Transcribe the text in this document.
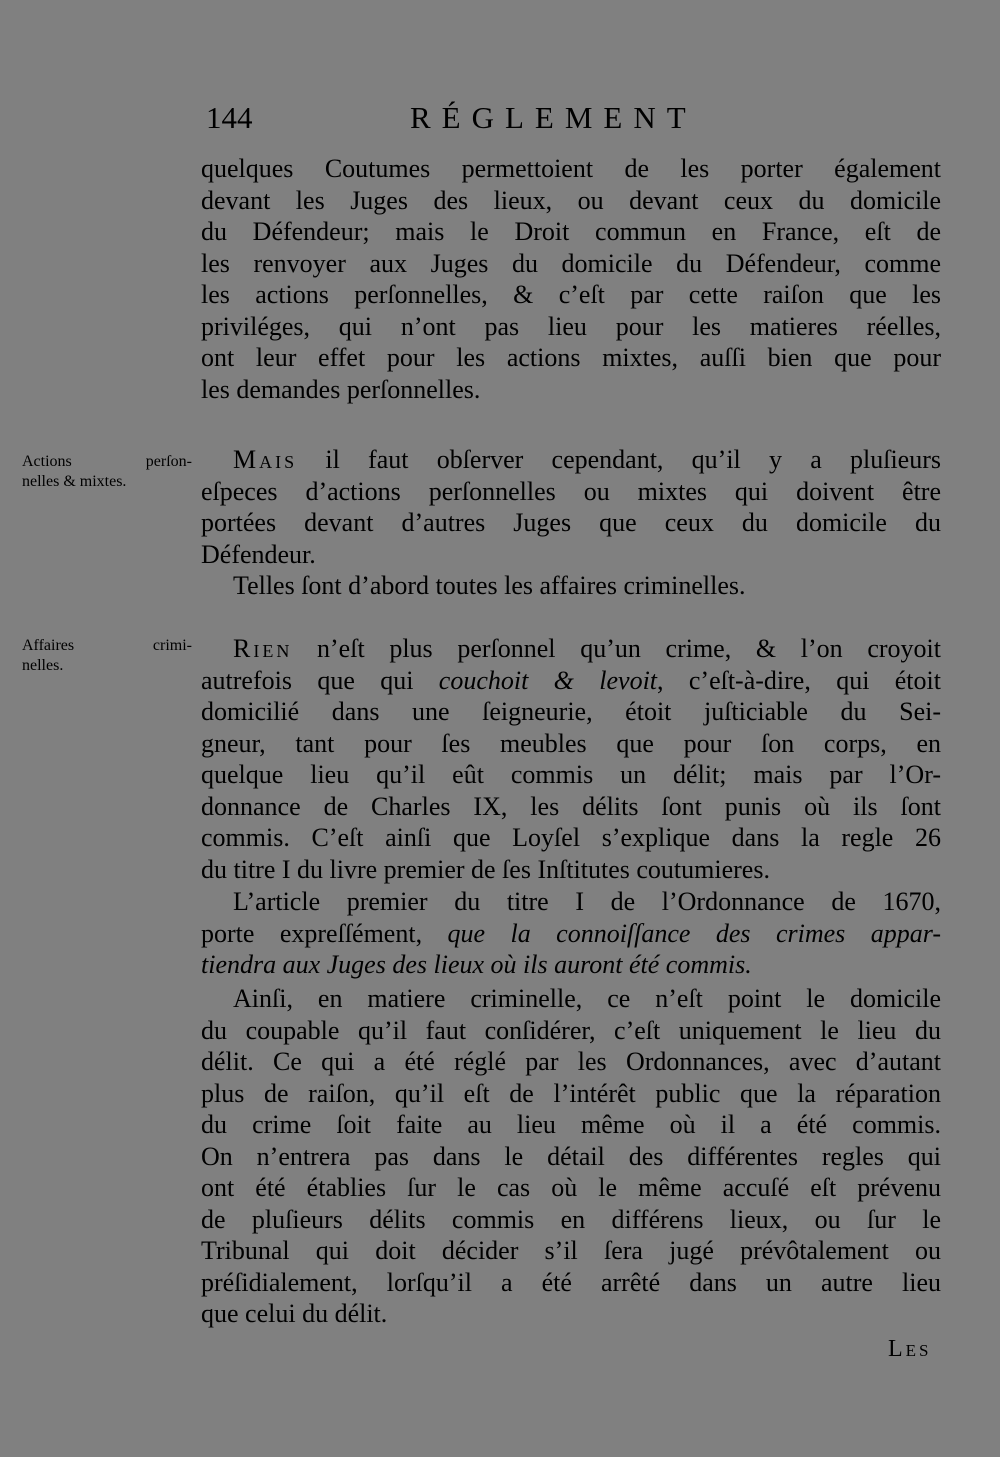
144	RÉGLEMENT
quelques Coutumes permettoient de les porter également
devant les Juges des lieux, ou devant ceux du domicile
du Défendeur; mais le Droit commun en France, eſt de
les renvoyer aux Juges du domicile du Défendeur, comme
les actions perſonnelles, & c’eſt par cette raiſon que les
priviléges, qui n’ont pas lieu pour les matieres réelles,
ont leur effet pour les actions mixtes, auſſi bien que pour
les demandes perſonnelles.
Actions perſon-
nelles & mixtes.
Mais il faut obſerver cependant, qu’il y a pluſieurs
eſpeces d’actions perſonnelles ou mixtes qui doivent être
portées devant d’autres Juges que ceux du domicile du
Défendeur.
Telles ſont d’abord toutes les affaires criminelles.
Affaires crimi-
nelles.
Rien n’eſt plus perſonnel qu’un crime, & l’on croyoit
autrefois que qui couchoit & levoit, c’eſt-à-dire, qui étoit
domicilié dans une ſeigneurie, étoit juſticiable du Sei-
gneur, tant pour ſes meubles que pour ſon corps, en
quelque lieu qu’il eût commis un délit; mais par l’Or-
donnance de Charles IX, les délits ſont punis où ils ſont
commis. C’eſt ainſi que Loyſel s’explique dans la regle 26
du titre I du livre premier de ſes Inſtitutes coutumieres.
L’article premier du titre I de l’Ordonnance de 1670,
porte expreſſément, que la connoiſſance des crimes appar-
tiendra aux Juges des lieux où ils auront été commis.
Ainſi, en matiere criminelle, ce n’eſt point le domicile
du coupable qu’il faut conſidérer, c’eſt uniquement le lieu du
délit. Ce qui a été réglé par les Ordonnances, avec d’autant
plus de raiſon, qu’il eſt de l’intérêt public que la réparation
du crime ſoit faite au lieu même où il a été commis.
On n’entrera pas dans le détail des différentes regles qui
ont été établies ſur le cas où le même accuſé eſt prévenu
de pluſieurs délits commis en différens lieux, ou ſur le
Tribunal qui doit décider s’il ſera jugé prévôtalement ou
préſidialement, lorſqu’il a été arrêté dans un autre lieu
que celui du délit.
Les
